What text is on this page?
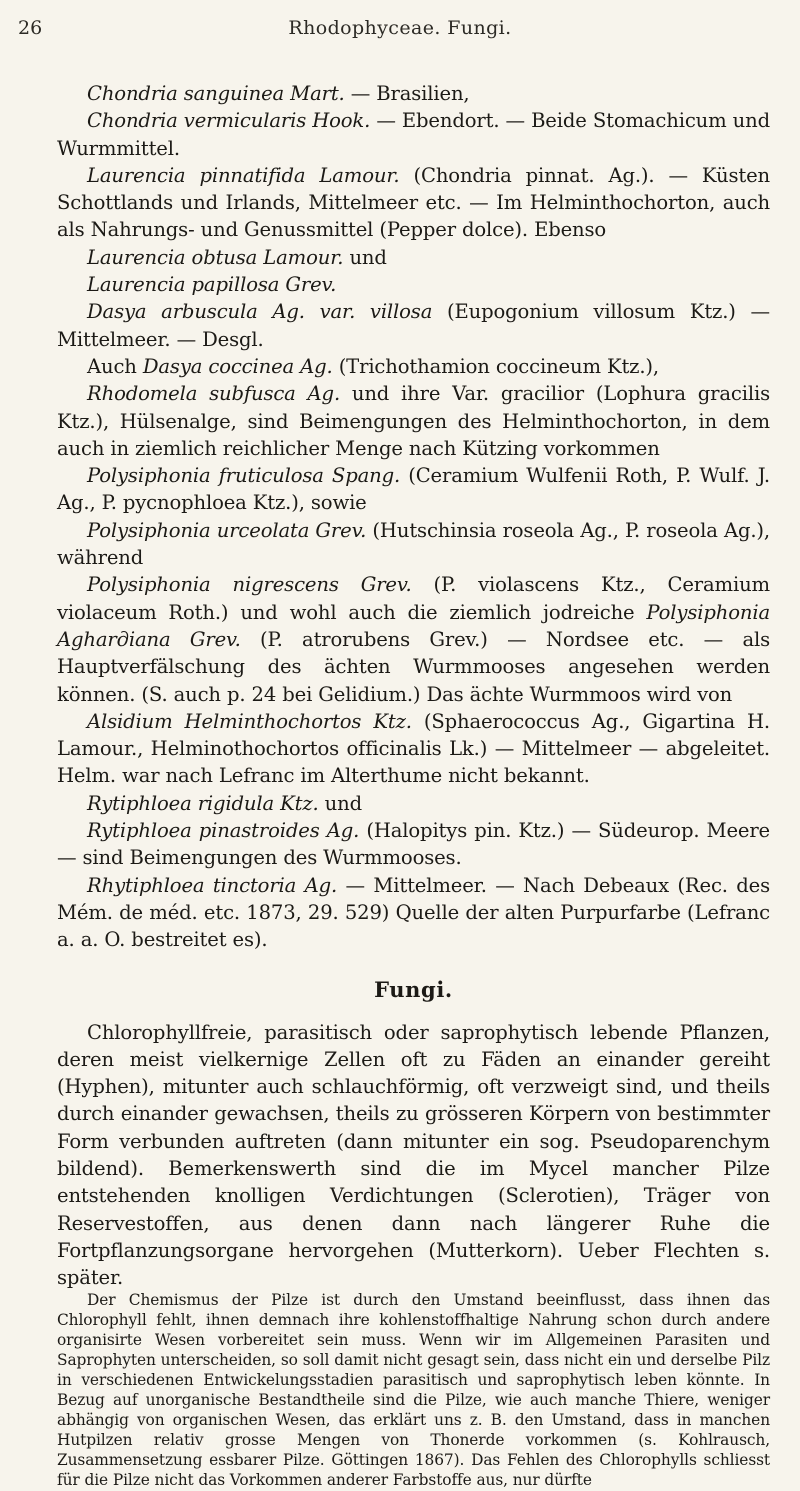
26	Rhodophyceae. Fungi.

Chondria sanguinea Mart. — Brasilien,

Chondria vermicularis Hook. — Ebendort. — Beide Stomachicum und Wurmmittel.

Laurencia pinnatifida Lamour. (Chondria pinnat. Ag.). — Küsten Schottlands und Irlands, Mittelmeer etc. — Im Helminthochorton, auch als Nahrungs- und Genussmittel (Pepper dolce). Ebenso

Laurencia obtusa Lamour. und

Laurencia papillosa Grev.

Dasya arbuscula Ag. var. villosa (Eupogonium villosum Ktz.) — Mittelmeer. — Desgl.

Auch Dasya coccinea Ag. (Trichothamion coccineum Ktz.),

Rhodomela subfusca Ag. und ihre Var. gracilior (Lophura gracilis Ktz.), Hülsenalge, sind Beimengungen des Helminthochorton, in dem auch in ziemlich reichlicher Menge nach Kützing vorkommen

Polysiphonia fruticulosa Spang. (Ceramium Wulfenii Roth, P. Wulf. J. Ag., P. pycnophloea Ktz.), sowie

Polysiphonia urceolata Grev. (Hutschinsia roseola Ag., P. roseola Ag.), während

Polysiphonia nigrescens Grev. (P. violascens Ktz., Ceramium violaceum Roth.) und wohl auch die ziemlich jodreiche Polysiphonia Agharдiana Grev. (P. atrorubens Grev.) — Nordsee etc. — als Hauptverfälschung des ächten Wurmmooses angesehen werden können. (S. auch p. 24 bei Gelidium.) Das ächte Wurmmoos wird von

Alsidium Helminthochortos Ktz. (Sphaerococcus Ag., Gigartina H. Lamour., Helminothochortos officinalis Lk.) — Mittelmeer — abgeleitet. Helm. war nach Lefranc im Alterthume nicht bekannt.

Rytiphloea rigidula Ktz. und

Rytiphloea pinastroides Ag. (Halopitys pin. Ktz.) — Südeurop. Meere — sind Beimengungen des Wurmmooses.

Rhytiphloea tinctoria Ag. — Mittelmeer. — Nach Debeaux (Rec. des Mém. de méd. etc. 1873, 29. 529) Quelle der alten Purpurfarbe (Lefranc a. a. O. bestreitet es).

Fungi.

Chlorophyllfreie, parasitisch oder saprophytisch lebende Pflanzen, deren meist vielkernige Zellen oft zu Fäden an einander gereiht (Hyphen), mitunter auch schlauchförmig, oft verzweigt sind, und theils durch einander gewachsen, theils zu grösseren Körpern von bestimmter Form verbunden auftreten (dann mitunter ein sog. Pseudoparenchym bildend). Bemerkenswerth sind die im Mycel mancher Pilze entstehenden knolligen Verdichtungen (Sclerotien), Träger von Reservestoffen, aus denen dann nach längerer Ruhe die Fortpflanzungsorgane hervorgehen (Mutterkorn). Ueber Flechten s. später.

Der Chemismus der Pilze ist durch den Umstand beeinflusst, dass ihnen das Chlorophyll fehlt, ihnen demnach ihre kohlenstoffhaltige Nahrung schon durch andere organisirte Wesen vorbereitet sein muss. Wenn wir im Allgemeinen Parasiten und Saprophyten unterscheiden, so soll damit nicht gesagt sein, dass nicht ein und derselbe Pilz in verschiedenen Entwickelungsstadien parasitisch und saprophytisch leben könnte. In Bezug auf unorganische Bestandtheile sind die Pilze, wie auch manche Thiere, weniger abhängig von organischen Wesen, das erklärt uns z. B. den Umstand, dass in manchen Hutpilzen relativ grosse Mengen von Thonerde vorkommen (s. Kohlrausch, Zusammensetzung essbarer Pilze. Göttingen 1867). Das Fehlen des Chlorophylls schliesst für die Pilze nicht das Vorkommen anderer Farbstoffe aus, nur dürfte
